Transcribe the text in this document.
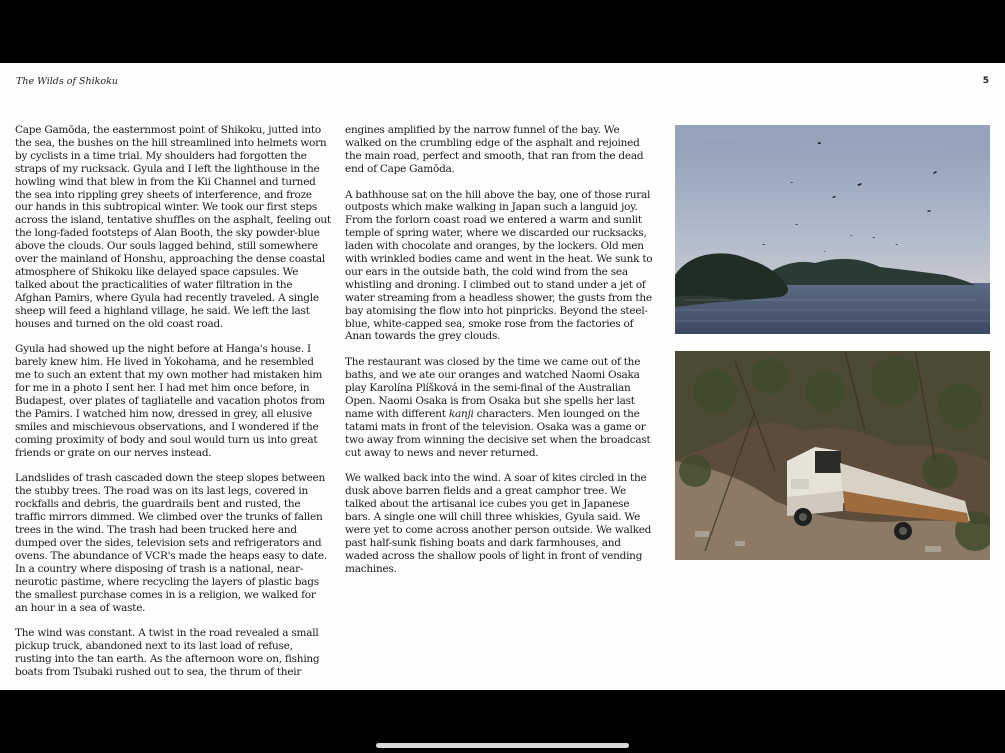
The Wilds of Shikoku	5

Cape Gamōda, the easternmost point of Shikoku, jutted into the sea, the bushes on the hill streamlined into helmets worn by cyclists in a time trial. My shoulders had forgotten the straps of my rucksack. Gyula and I left the lighthouse in the howling wind that blew in from the Kii Channel and turned the sea into rippling grey sheets of interference, and froze our hands in this subtropical winter. We took our first steps across the island, tentative shuffles on the asphalt, feeling out the long-faded footsteps of Alan Booth, the sky powder-blue above the clouds. Our souls lagged behind, still somewhere over the mainland of Honshu, approaching the dense coastal atmosphere of Shikoku like delayed space capsules. We talked about the practicalities of water filtration in the Afghan Pamirs, where Gyula had recently traveled. A single sheep will feed a highland village, he said. We left the last houses and turned on the old coast road.

Gyula had showed up the night before at Hanga's house. I barely knew him. He lived in Yokohama, and he resembled me to such an extent that my own mother had mistaken him for me in a photo I sent her. I had met him once before, in Budapest, over plates of tagliatelle and vacation photos from the Pamirs. I watched him now, dressed in grey, all elusive smiles and mischievous observations, and I wondered if the coming proximity of body and soul would turn us into great friends or grate on our nerves instead.

Landslides of trash cascaded down the steep slopes between the stubby trees. The road was on its last legs, covered in rockfalls and debris, the guardrails bent and rusted, the traffic mirrors dimmed. We climbed over the trunks of fallen trees in the wind. The trash had been trucked here and dumped over the sides, television sets and refrigerators and ovens. The abundance of VCR's made the heaps easy to date. In a country where disposing of trash is a national, near-neurotic pastime, where recycling the layers of plastic bags the smallest purchase comes in is a religion, we walked for an hour in a sea of waste.

The wind was constant. A twist in the road revealed a small pickup truck, abandoned next to its last load of refuse, rusting into the tan earth. As the afternoon wore on, fishing boats from Tsubaki rushed out to sea, the thrum of their

engines amplified by the narrow funnel of the bay. We walked on the crumbling edge of the asphalt and rejoined the main road, perfect and smooth, that ran from the dead end of Cape Gamōda.

A bathhouse sat on the hill above the bay, one of those rural outposts which make walking in Japan such a languid joy. From the forlorn coast road we entered a warm and sunlit temple of spring water, where we discarded our rucksacks, laden with chocolate and oranges, by the lockers. Old men with wrinkled bodies came and went in the heat. We sunk to our ears in the outside bath, the cold wind from the sea whistling and droning. I climbed out to stand under a jet of water streaming from a headless shower, the gusts from the bay atomising the flow into hot pinpricks. Beyond the steel-blue, white-capped sea, smoke rose from the factories of Anan towards the grey clouds.

The restaurant was closed by the time we came out of the baths, and we ate our oranges and watched Naomi Osaka play Karolína Plíšková in the semi-final of the Australian Open. Naomi Osaka is from Osaka but she spells her last name with different kanji characters. Men lounged on the tatami mats in front of the television. Osaka was a game or two away from winning the decisive set when the broadcast cut away to news and never returned.

We walked back into the wind. A soar of kites circled in the dusk above barren fields and a great camphor tree. We talked about the artisanal ice cubes you get in Japanese bars. A single one will chill three whiskies, Gyula said. We were yet to come across another person outside. We walked past half-sunk fishing boats and dark farmhouses, and waded across the shallow pools of light in front of vending machines.
